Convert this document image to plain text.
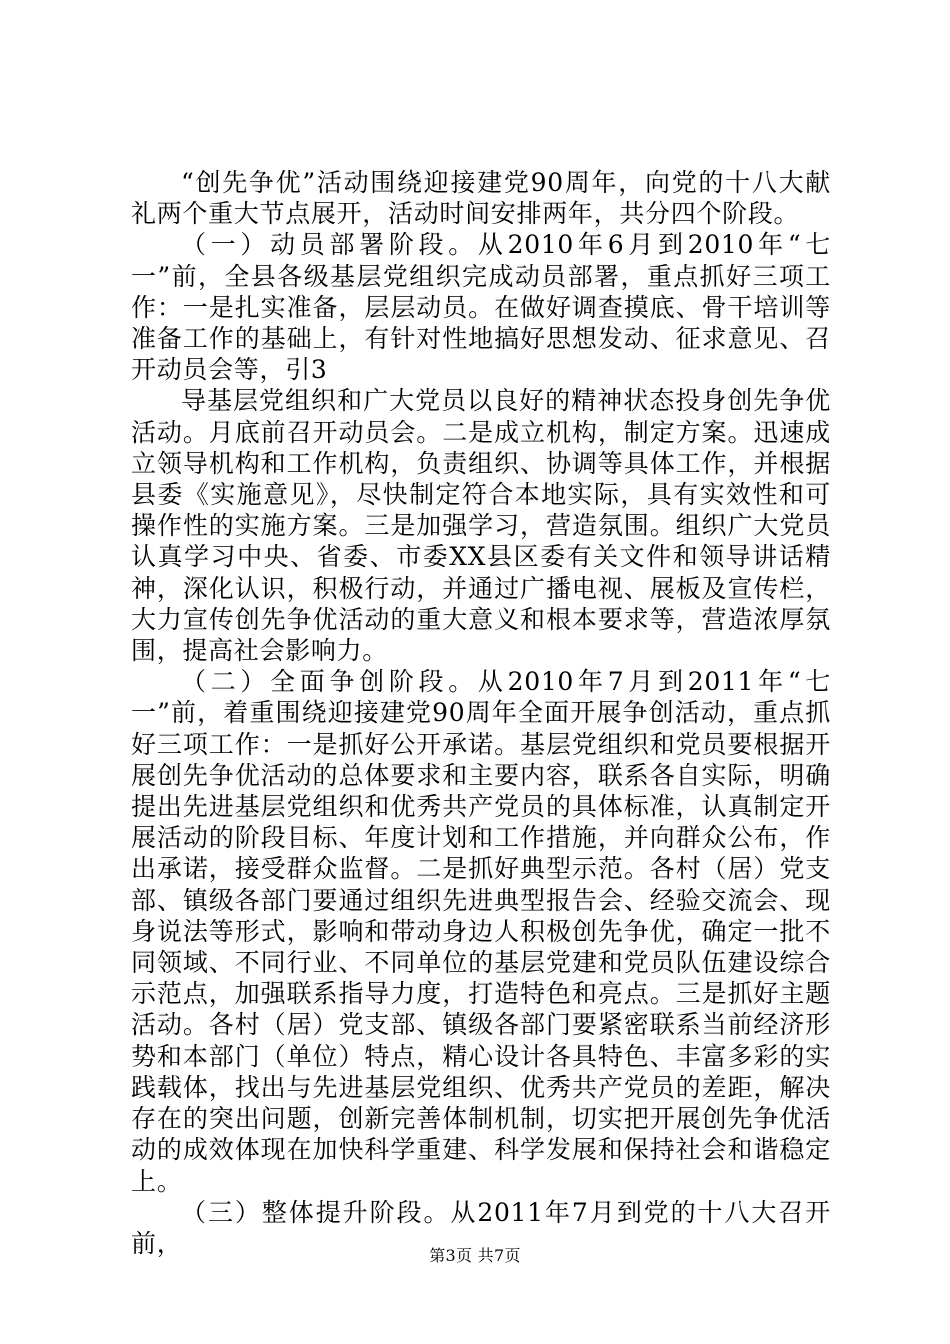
“创先争优”活动围绕迎接建党90周年，向党的十八大献礼两个重大节点展开，活动时间安排两年，共分四个阶段。

（一）动员部署阶段。从2010年6月到2010年“七一”前，全县各级基层党组织完成动员部署，重点抓好三项工作：一是扎实准备，层层动员。在做好调查摸底、骨干培训等准备工作的基础上，有针对性地搞好思想发动、征求意见、召开动员会等，引3

导基层党组织和广大党员以良好的精神状态投身创先争优活动。月底前召开动员会。二是成立机构，制定方案。迅速成立领导机构和工作机构，负责组织、协调等具体工作，并根据县委《实施意见》，尽快制定符合本地实际，具有实效性和可操作性的实施方案。三是加强学习，营造氛围。组织广大党员认真学习中央、省委、市委XX县区委有关文件和领导讲话精神，深化认识，积极行动，并通过广播电视、展板及宣传栏，大力宣传创先争优活动的重大意义和根本要求等，营造浓厚氛围，提高社会影响力。

（二）全面争创阶段。从2010年7月到2011年“七一”前，着重围绕迎接建党90周年全面开展争创活动，重点抓好三项工作：一是抓好公开承诺。基层党组织和党员要根据开展创先争优活动的总体要求和主要内容，联系各自实际，明确提出先进基层党组织和优秀共产党员的具体标准，认真制定开展活动的阶段目标、年度计划和工作措施，并向群众公布，作出承诺，接受群众监督。二是抓好典型示范。各村（居）党支部、镇级各部门要通过组织先进典型报告会、经验交流会、现身说法等形式，影响和带动身边人积极创先争优，确定一批不同领域、不同行业、不同单位的基层党建和党员队伍建设综合示范点，加强联系指导力度，打造特色和亮点。三是抓好主题活动。各村（居）党支部、镇级各部门要紧密联系当前经济形势和本部门（单位）特点，精心设计各具特色、丰富多彩的实践载体，找出与先进基层党组织、优秀共产党员的差距，解决存在的突出问题，创新完善体制机制，切实把开展创先争优活动的成效体现在加快科学重建、科学发展和保持社会和谐稳定上。

（三）整体提升阶段。从2011年7月到党的十八大召开前，	第3页 共7页
